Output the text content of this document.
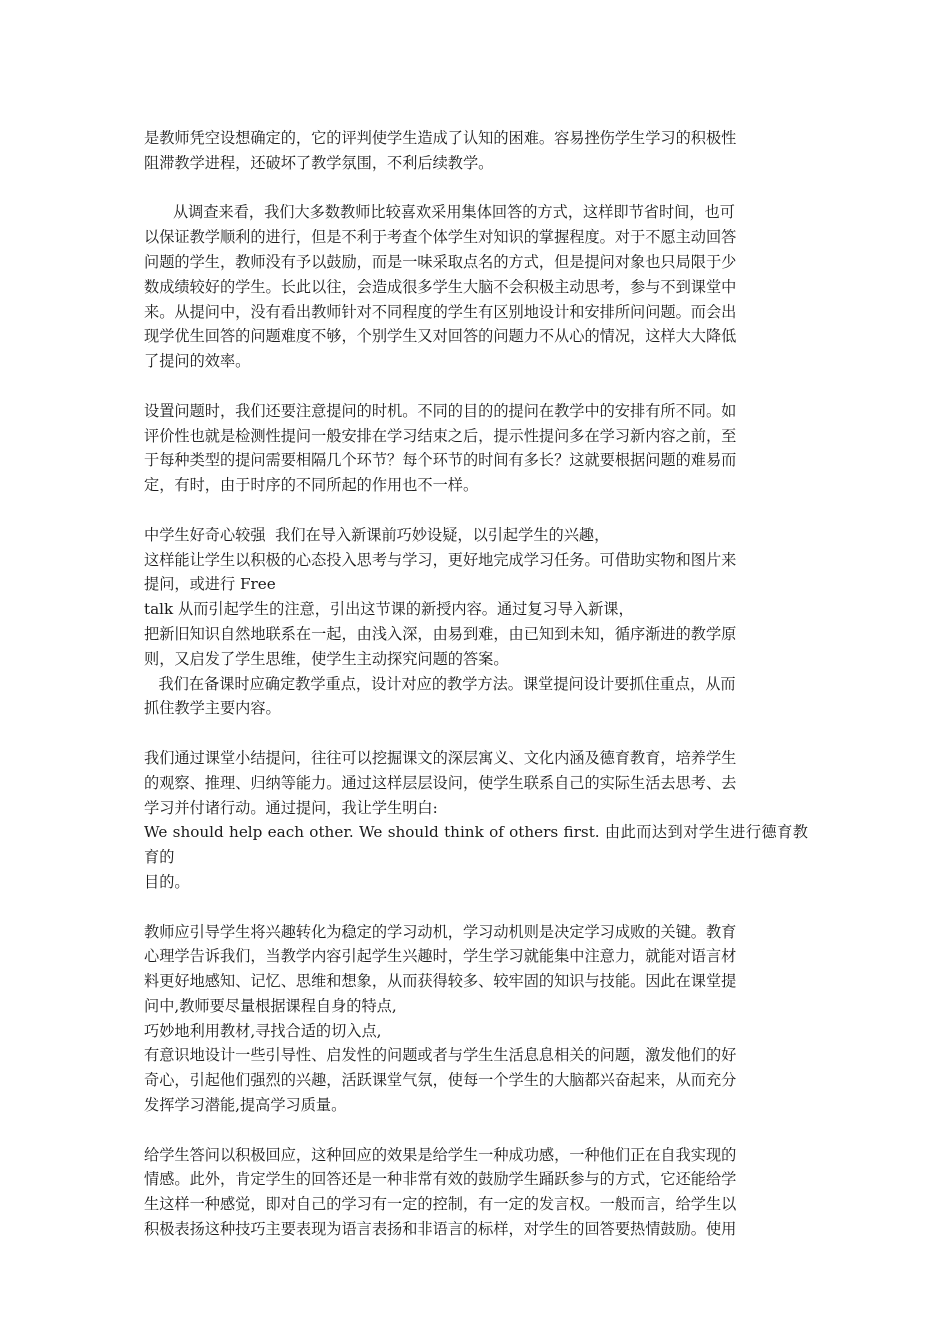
是教师凭空设想确定的，它的评判使学生造成了认知的困难。容易挫伤学生学习的积极性

阻滞教学进程，还破坏了教学氛围，不利后续教学。

从调查来看，我们大多数教师比较喜欢采用集体回答的方式，这样即节省时间，也可

以保证教学顺利的进行，但是不利于考查个体学生对知识的掌握程度。对于不愿主动回答

问题的学生，教师没有予以鼓励，而是一味采取点名的方式，但是提问对象也只局限于少

数成绩较好的学生。长此以往，会造成很多学生大脑不会积极主动思考，参与不到课堂中

来。从提问中，没有看出教师针对不同程度的学生有区别地设计和安排所问问题。而会出

现学优生回答的问题难度不够，个别学生又对回答的问题力不从心的情况，这样大大降低

了提问的效率。

设置问题时，我们还要注意提问的时机。不同的目的的提问在教学中的安排有所不同。如

评价性也就是检测性提问一般安排在学习结束之后，提示性提问多在学习新内容之前，至

于每种类型的提问需要相隔几个环节？每个环节的时间有多长？这就要根据问题的难易而

定，有时，由于时序的不同所起的作用也不一样。

中学生好奇心较强  我们在导入新课前巧妙设疑，以引起学生的兴趣，

这样能让学生以积极的心态投入思考与学习，更好地完成学习任务。可借助实物和图片来

提问，或进行 Free

talk 从而引起学生的注意，引出这节课的新授内容。通过复习导入新课，

把新旧知识自然地联系在一起，由浅入深，由易到难，由已知到未知，循序渐进的教学原

则，又启发了学生思维，使学生主动探究问题的答案。

我们在备课时应确定教学重点，设计对应的教学方法。课堂提问设计要抓住重点，从而

抓住教学主要内容。

我们通过课堂小结提问，往往可以挖掘课文的深层寓义、文化内涵及德育教育，培养学生

的观察、推理、归纳等能力。通过这样层层设问，使学生联系自己的实际生活去思考、去

学习并付诸行动。通过提问，我让学生明白:

We should help each other. We should think of others first. 由此而达到对学生进行德育教育的

目的。

教师应引导学生将兴趣转化为稳定的学习动机，学习动机则是决定学习成败的关键。教育

心理学告诉我们，当教学内容引起学生兴趣时，学生学习就能集中注意力，就能对语言材

料更好地感知、记忆、思维和想象，从而获得较多、较牢固的知识与技能。因此在课堂提

问中,教师要尽量根据课程自身的特点,

巧妙地利用教材,寻找合适的切入点,

有意识地设计一些引导性、启发性的问题或者与学生生活息息相关的问题，激发他们的好

奇心，引起他们强烈的兴趣，活跃课堂气氛，使每一个学生的大脑都兴奋起来，从而充分

发挥学习潜能,提高学习质量。

给学生答问以积极回应，这种回应的效果是给学生一种成功感，一种他们正在自我实现的

情感。此外，肯定学生的回答还是一种非常有效的鼓励学生踊跃参与的方式，它还能给学

生这样一种感觉，即对自己的学习有一定的控制，有一定的发言权。一般而言，给学生以

积极表扬这种技巧主要表现为语言表扬和非语言的标样，对学生的回答要热情鼓励。使用
